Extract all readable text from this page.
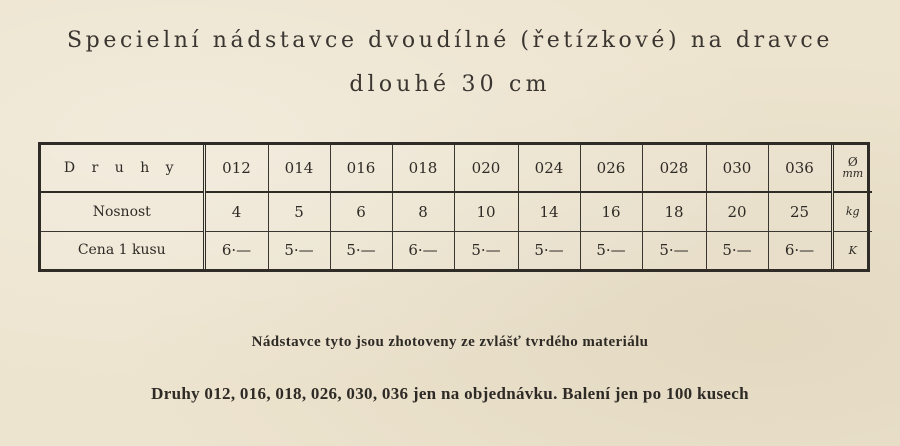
Specielní nádstavce dvoudílné (řetízkové) na dravce
dlouhé 30 cm
D r u h y	012	014	016	018	020	024	026	028	030	036	Ø
mm

Nosnost	4	5	6	8	10	14	16	18	20	25	kg
Cena 1 kusu	6·—	5·—	5·—	6·—	5·—	5·—	5·—	5·—	5·—	6·—	K
Nádstavce tyto jsou zhotoveny ze zvlášť tvrdého materiálu
Druhy 012, 016, 018, 026, 030, 036 jen na objednávku. Balení jen po 100 kusech
